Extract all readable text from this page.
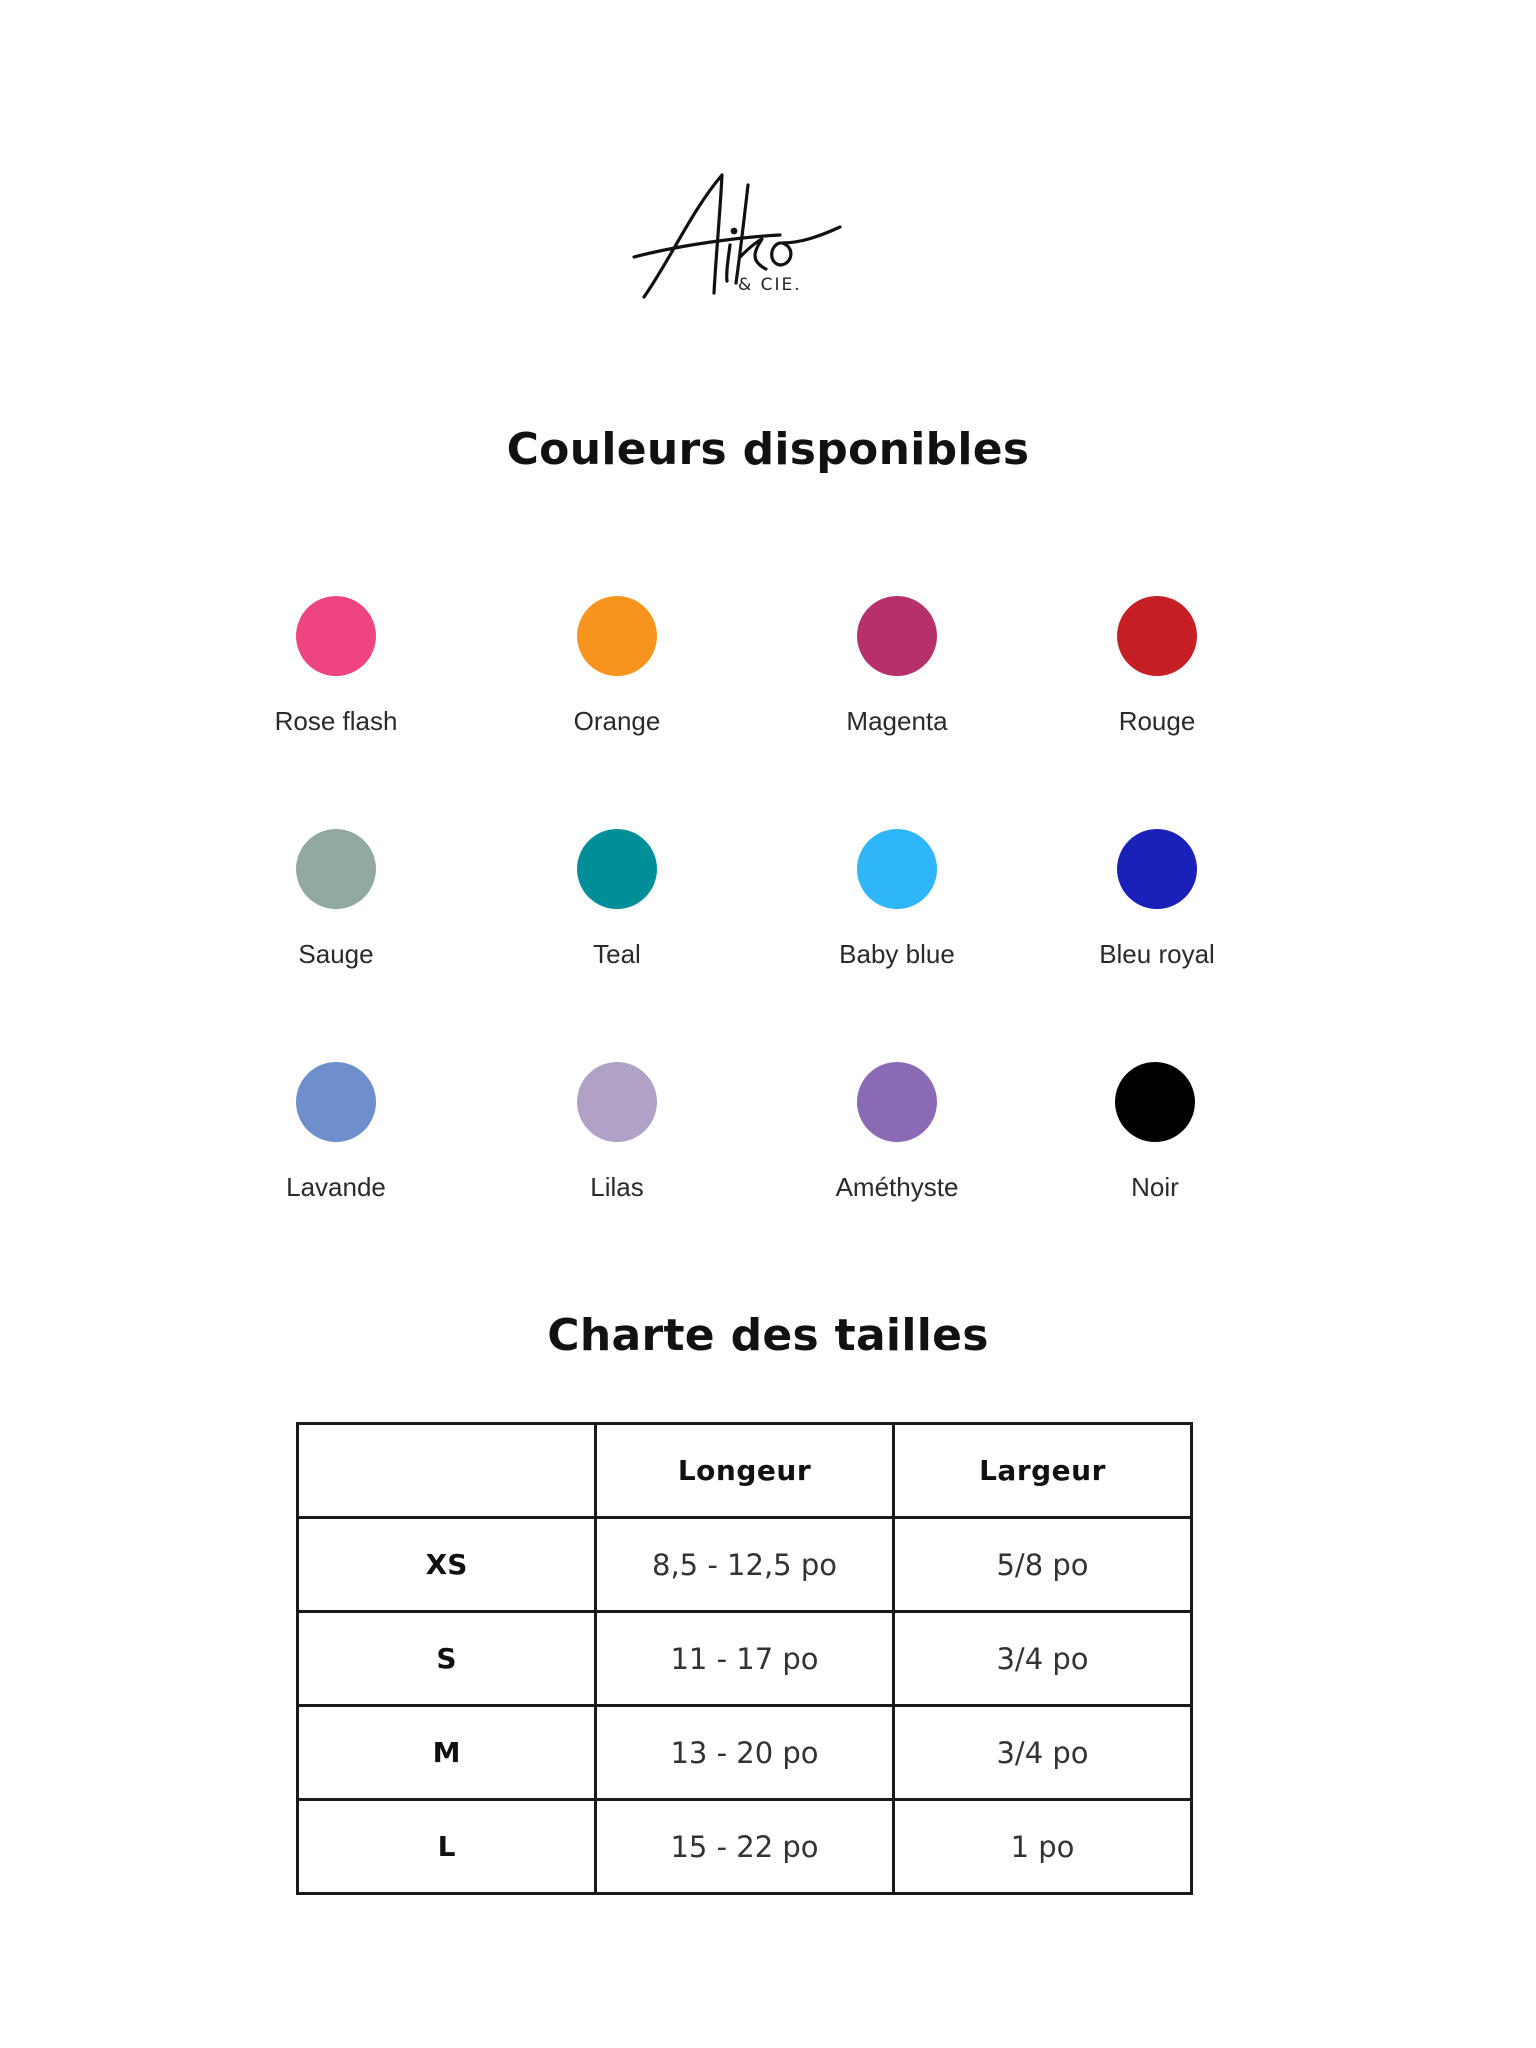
& CIE.
Couleurs disponibles
Rose flash	Orange	Magenta	Rouge
Sauge	Teal	Baby blue	Bleu royal
Lavande	Lilas	Améthyste	Noir
Charte des tailles
	Longeur	Largeur
XS	8,5 - 12,5 po	5/8 po
S	11 - 17 po	3/4 po
M	13 - 20 po	3/4 po
L	15 - 22 po	1 po
